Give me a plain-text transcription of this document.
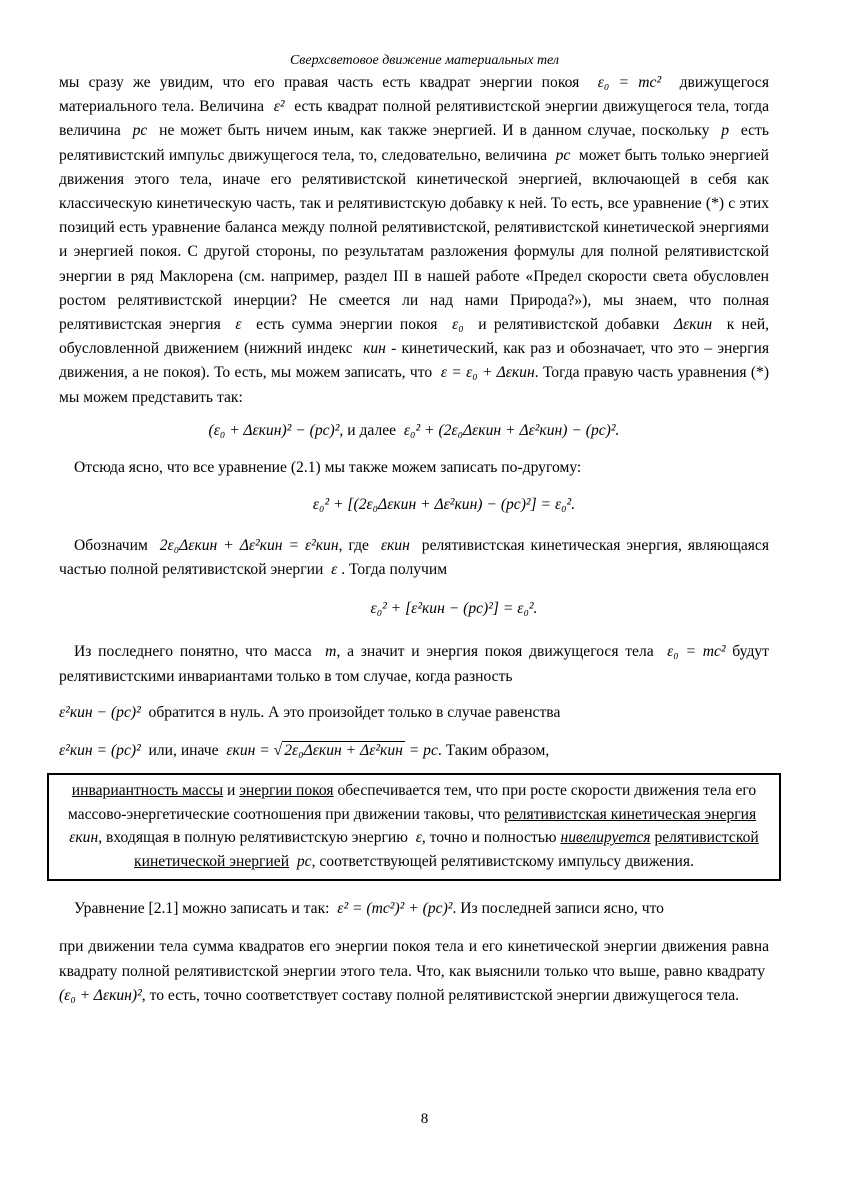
Сверхсветовое движение материальных тел

мы сразу же увидим, что его правая часть есть квадрат энергии покоя ε₀ = mc² движущегося материального тела. Величина ε² есть квадрат полной релятивистской энергии движущегося тела, тогда величина pc не может быть ничем иным, как также энергией. И в данном случае, поскольку p есть релятивистский импульс движущегося тела, то, следовательно, величина pc может быть только энергией движения этого тела, иначе его релятивистской кинетической энергией, включающей в себя как классическую кинетическую часть, так и релятивистскую добавку к ней. То есть, все уравнение (*) с этих позиций есть уравнение баланса между полной релятивистской, релятивистской кинетической энергиями и энергией покоя. С другой стороны, по результатам разложения формулы для полной релятивистской энергии в ряд Маклорена (см. например, раздел III в нашей работе «Предел скорости света обусловлен ростом релятивистской инерции? Не смеется ли над нами Природа?»), мы знаем, что полная релятивистская энергия ε есть сумма энергии покоя ε₀ и релятивистской добавки Δεкин к ней, обусловленной движением (нижний индекс кин - кинетический, как раз и обозначает, что это – энергия движения, а не покоя). То есть, мы можем записать, что ε = ε₀ + Δεкин. Тогда правую часть уравнения (*) мы можем представить так:

(ε₀ + Δεкин)² − (pc)², и далее ε₀² + (2ε₀Δεкин + Δε²кин) − (pc)².

Отсюда ясно, что все уравнение (2.1) мы также можем записать по-другому:

ε₀² + [(2ε₀Δεкин + Δε²кин) − (pc)²] = ε₀².

Обозначим 2ε₀Δεкин + Δε²кин = ε²кин, где εкин релятивистская кинетическая энергия, являющаяся частью полной релятивистской энергии ε . Тогда получим

ε₀² + [ε²кин − (pc)²] = ε₀².

Из последнего понятно, что масса m, а значит и энергия покоя движущегося тела ε₀ = mc² будут релятивистскими инвариантами только в том случае, когда разность

ε²кин − (pc)² обратится в нуль. А это произойдет только в случае равенства

ε²кин = (pc)² или, иначе εкин = √ 2ε₀Δεкин + Δε²кин = pc. Таким образом,

инвариантность массы и энергии покоя обеспечивается тем, что при росте скорости движения тела его массово-энергетические соотношения при движении таковы, что релятивистская кинетическая энергия  εкин, входящая в полную релятивистскую энергию ε, точно и полностью нивелируется релятивистской кинетической энергией pc, соответствующей релятивистскому импульсу движения.

Уравнение [2.1] можно записать и так: ε² = (mc²)² + (pc)². Из последней записи ясно, что

при движении тела сумма квадратов его энергии покоя тела и его кинетической энергии движения равна квадрату полной релятивистской энергии этого тела. Что, как выяснили только что выше, равно квадрату  (ε₀ + Δεкин)², то есть, точно соответствует составу полной релятивистской энергии движущегося тела.

8
